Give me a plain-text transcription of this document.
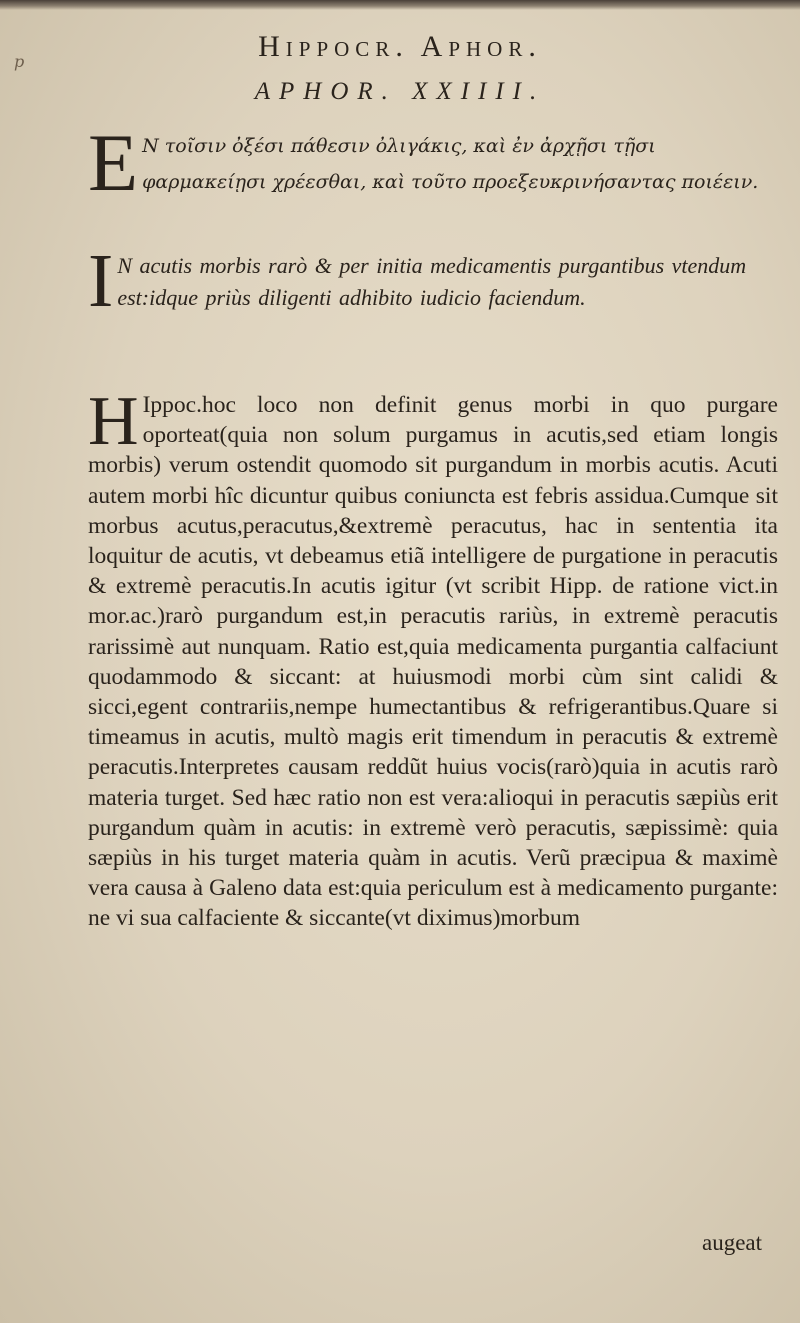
p	Hippocr. Aphor.
APHOR. XXIIII.
E Ν τοῖσιν ὀξέσι πάθεσιν ὀλιγάκις, καὶ ἐν ἀρχῇσι τῇσι φαρμακείῃσι χρέεσθαι, καὶ τοῦτο προεξευκρινήσαντας ποιέειν.
I N acutis morbis rarò & per initia medicamentis purgantibus vtendum est:idque priùs diligenti adhibito iudicio faciendum.

H Ippoc.hoc loco non definit genus morbi in quo purgare oporteat(quia non solum purgamus in acutis,sed etiam longis morbis) verum ostendit quomodo sit purgandum in morbis acutis. Acuti autem morbi hîc dicuntur quibus coniuncta est febris assidua.Cumque sit morbus acutus,peracutus,&extremè peracutus, hac in sententia ita loquitur de acutis, vt debeamus etiã intelligere de purgatione in peracutis & extremè peracutis.In acutis igitur (vt scribit Hipp. de ratione vict.in mor.ac.)rarò purgandum est,in peracutis rariùs, in extremè peracutis rarissimè aut nunquam. Ratio est,quia medicamenta purgantia calfaciunt quodammodo & siccant: at huiusmodi morbi cùm sint calidi & sicci,egent contrariis,nempe humectantibus & refrigerantibus.Quare si timeamus in acutis, multò magis erit timendum in peracutis & extremè peracutis.Interpretes causam reddũt huius vocis(rarò)quia in acutis rarò materia turget. Sed hæc ratio non est vera:alioqui in peracutis sæpiùs erit purgandum quàm in acutis: in extremè verò peracutis, sæpissimè: quia sæpiùs in his turget materia quàm in acutis. Verũ præcipua & maximè vera causa à Galeno data est:quia periculum est à medicamento purgante: ne vi sua calfaciente & siccante(vt diximus)morbum

augeat
